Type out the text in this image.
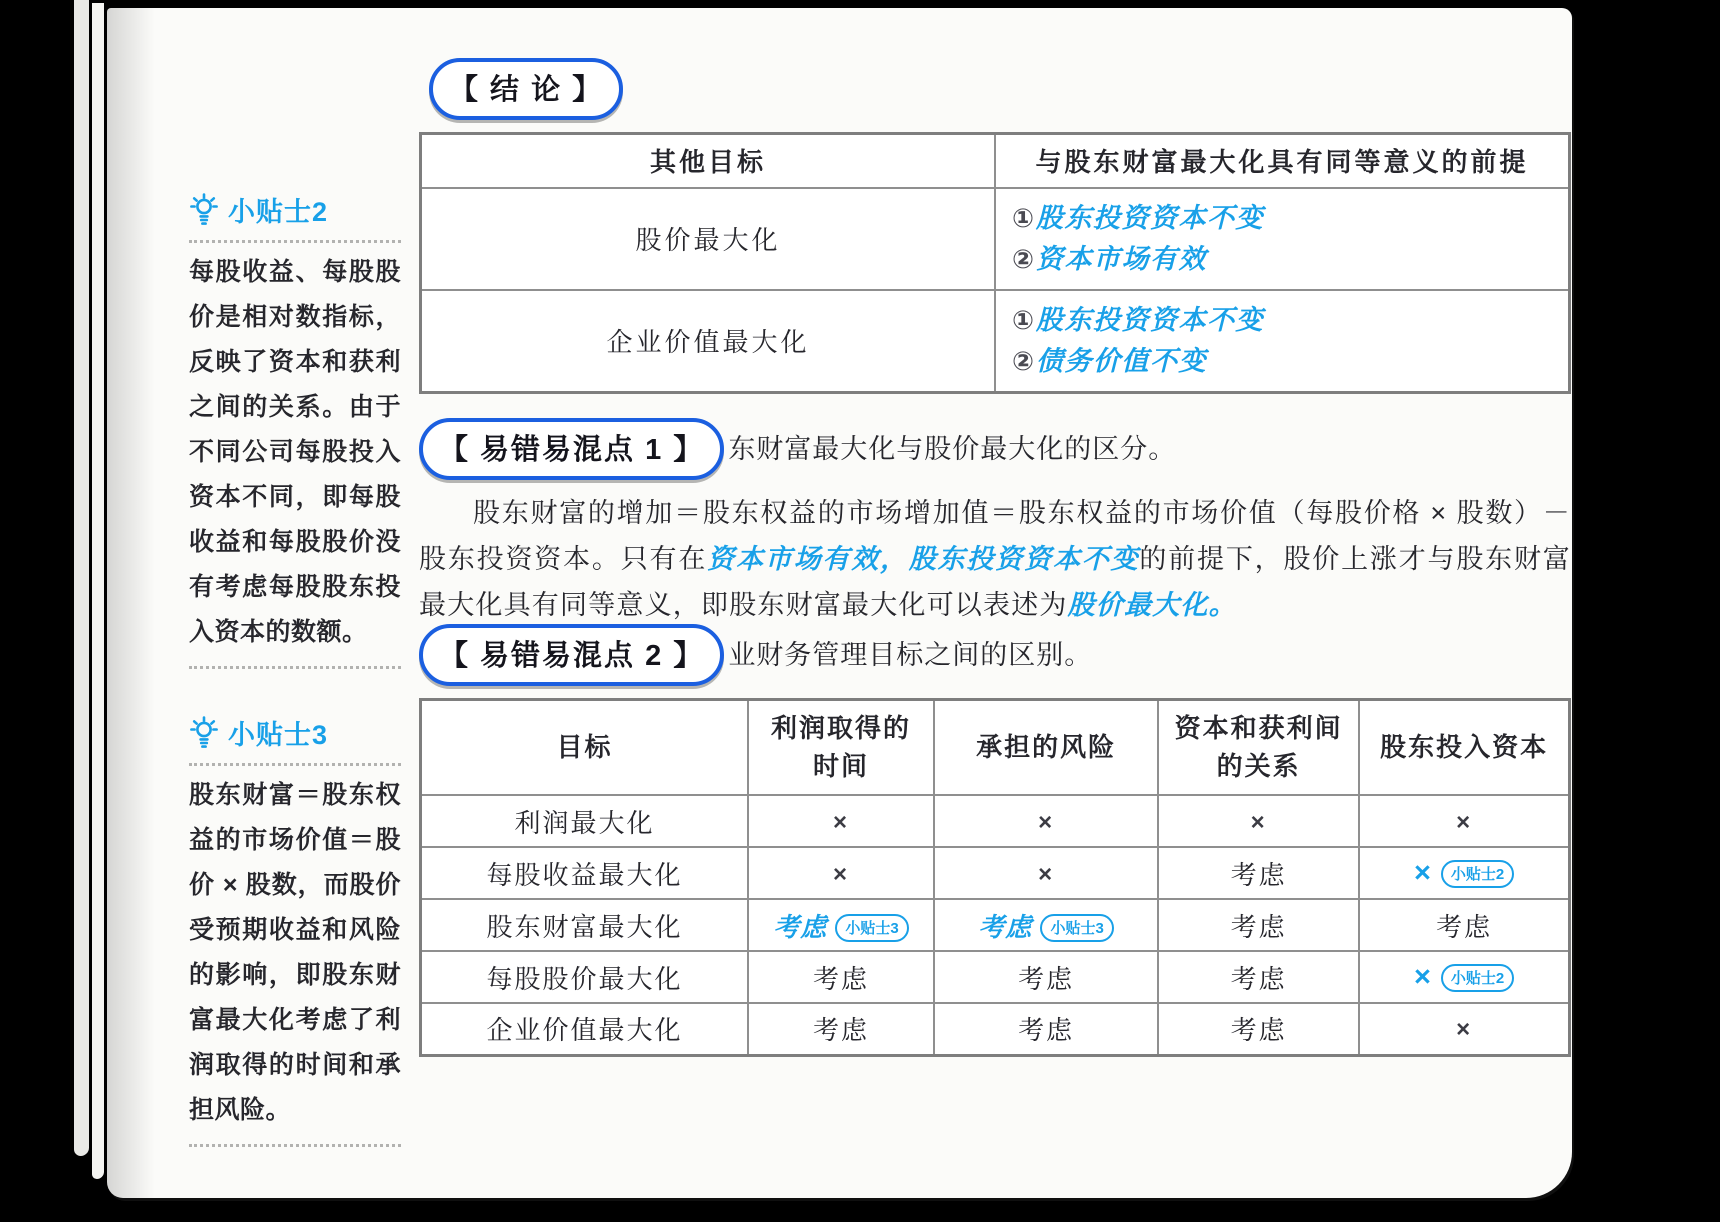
小贴士2

每股收益、每股股价是相对数指标，反映了资本和获利之间的关系。由于不同公司每股投入资本不同，即每股收益和每股股价没有考虑每股股东投入资本的数额。

小贴士3

股东财富＝股东权益的市场价值＝股价 × 股数，而股价受预期收益和风险的影响，即股东财富最大化考虑了利润取得的时间和承担风险。

【 结 论 】
其他目标	与股东财富最大化具有同等意义的前提
股价最大化	①股东投资资本不变
②资本市场有效

企业价值最大化	①股东投资资本不变
②债务价值不变
【 易错易混点 1 】 东财富最大化与股价最大化的区分。

股东财富的增加＝股东权益的市场增加值＝股东权益的市场价值（每股价格 × 股数）－股东投资资本。只有在资本市场有效，股东投资资本不变的前提下，股价上涨才与股东财富最大化具有同等意义，即股东财富最大化可以表述为股价最大化。

【 易错易混点 2 】 业财务管理目标之间的区别。
目标	利润取得的时间	承担的风险	资本和获利间的关系	股东投入资本
利润最大化	×	×	×	×
每股收益最大化	×	×	考虑	× 小贴士2
股东财富最大化	考虑 小贴士3	考虑 小贴士3	考虑	考虑
每股股价最大化	考虑	考虑	考虑	× 小贴士2
企业价值最大化	考虑	考虑	考虑	×
